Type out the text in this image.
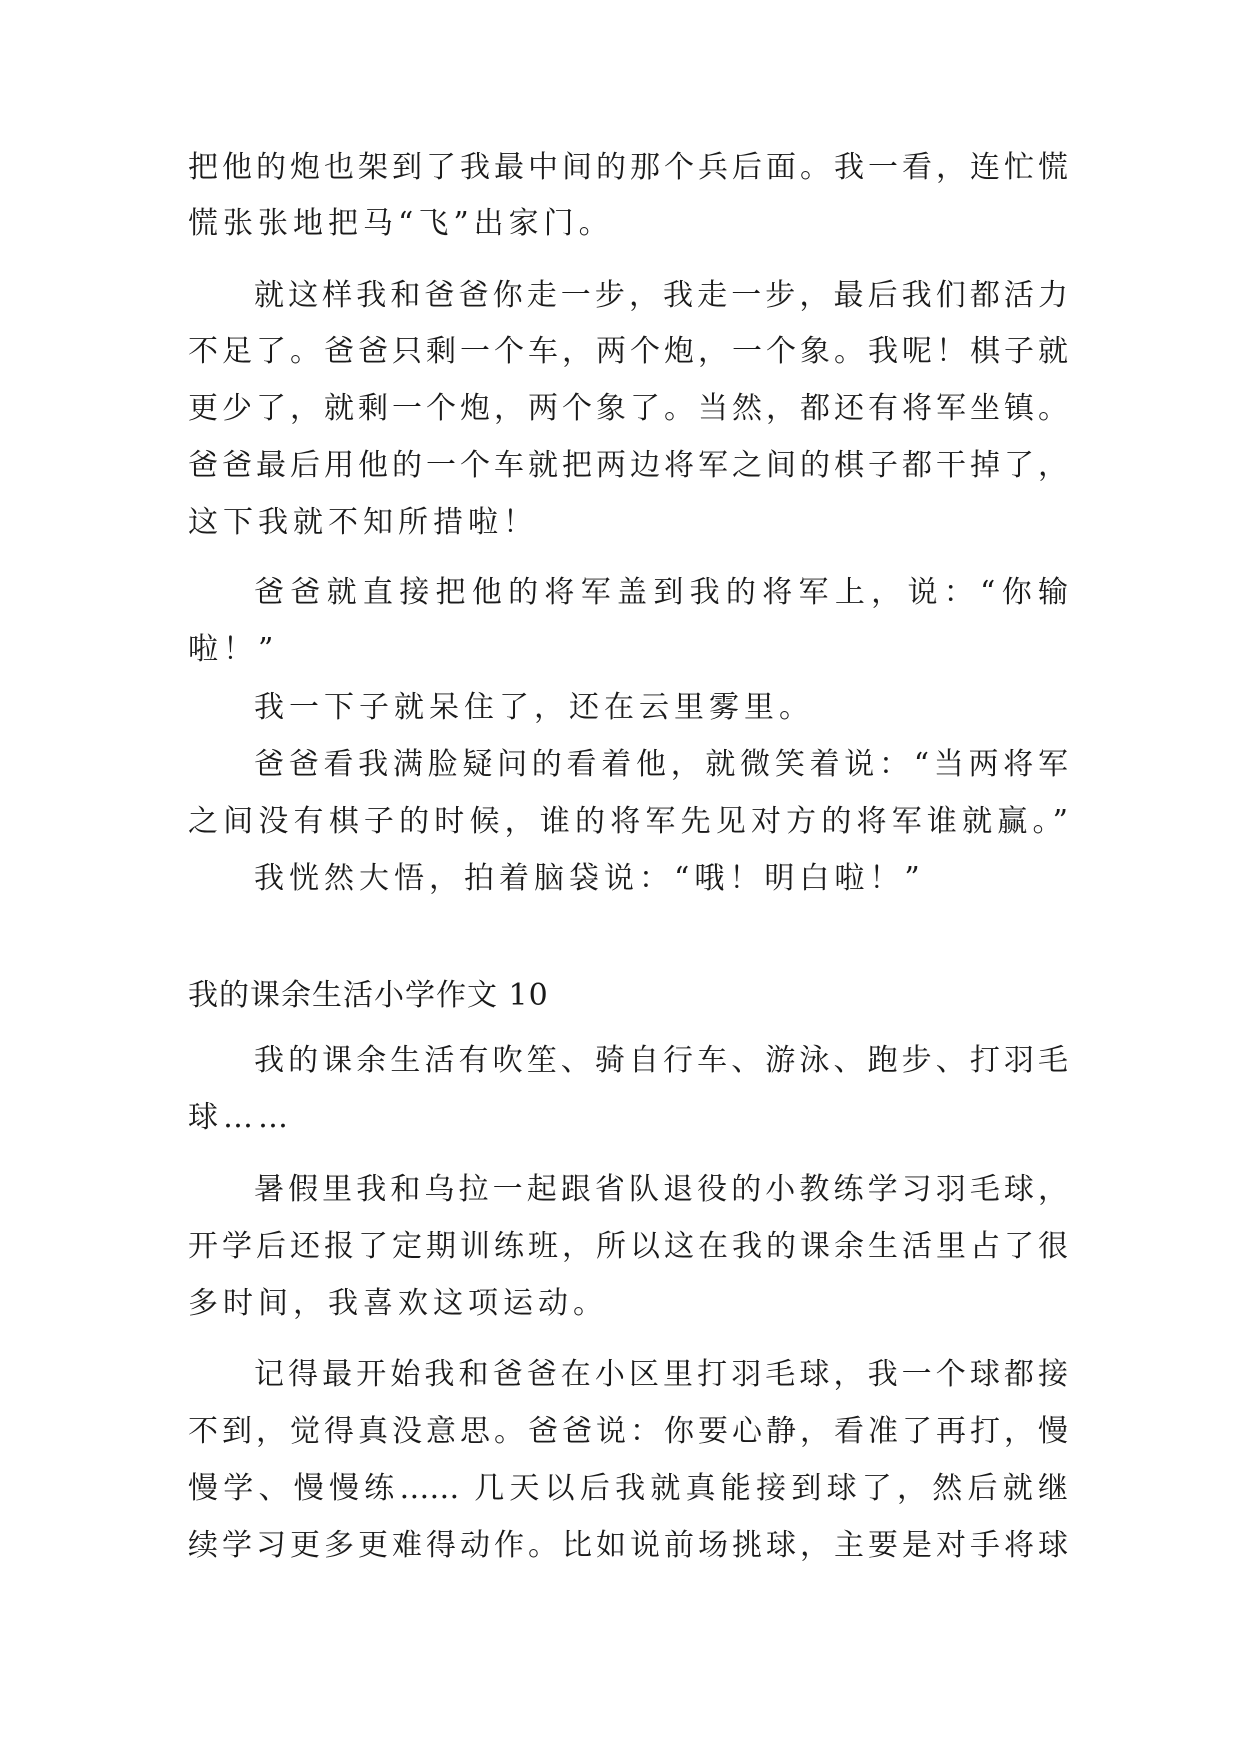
把他的炮也架到了我最中间的那个兵后面。我一看，连忙慌
慌张张地把马“飞”出家门。
就这样我和爸爸你走一步，我走一步，最后我们都活力
不足了。爸爸只剩一个车，两个炮，一个象。我呢！棋子就
更少了，就剩一个炮，两个象了。当然，都还有将军坐镇。
爸爸最后用他的一个车就把两边将军之间的棋子都干掉了，
这下我就不知所措啦！
爸爸就直接把他的将军盖到我的将军上，说：“你输
啦！”
我一下子就呆住了，还在云里雾里。
爸爸看我满脸疑问的看着他，就微笑着说：“当两将军
之间没有棋子的时候，谁的将军先见对方的将军谁就赢。”
我恍然大悟，拍着脑袋说：“哦！明白啦！”
我的课余生活小学作文 10
我的课余生活有吹笙、骑自行车、游泳、跑步、打羽毛
球……
暑假里我和乌拉一起跟省队退役的小教练学习羽毛球，
开学后还报了定期训练班，所以这在我的课余生活里占了很
多时间，我喜欢这项运动。
记得最开始我和爸爸在小区里打羽毛球，我一个球都接
不到，觉得真没意思。爸爸说：你要心静，看准了再打，慢
慢学、慢慢练…… 几天以后我就真能接到球了，然后就继
续学习更多更难得动作。比如说前场挑球，主要是对手将球
